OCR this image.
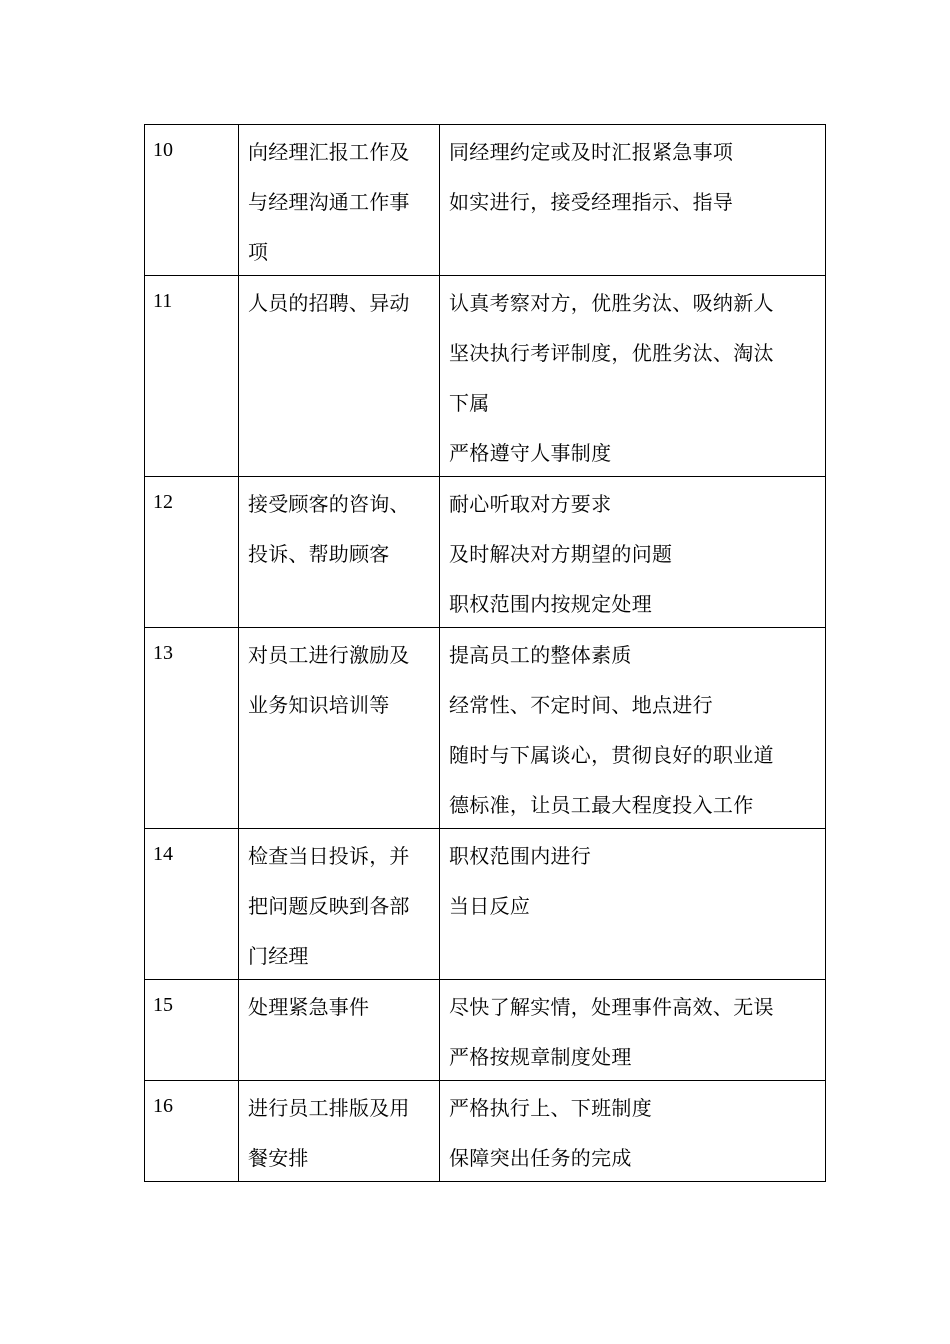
10	向经理汇报工作及
与经理沟通工作事
项	同经理约定或及时汇报紧急事项
如实进行，接受经理指示、指导

11	人员的招聘、异动	认真考察对方，优胜劣汰、吸纳新人
坚决执行考评制度，优胜劣汰、淘汰
下属
严格遵守人事制度

12	接受顾客的咨询、
投诉、帮助顾客	耐心听取对方要求
及时解决对方期望的问题
职权范围内按规定处理

13	对员工进行激励及
业务知识培训等	提高员工的整体素质
经常性、不定时间、地点进行
随时与下属谈心，贯彻良好的职业道
德标准，让员工最大程度投入工作

14	检查当日投诉，并
把问题反映到各部
门经理	职权范围内进行
当日反应

15	处理紧急事件	尽快了解实情，处理事件高效、无误
严格按规章制度处理

16	进行员工排版及用
餐安排	严格执行上、下班制度
保障突出任务的完成
